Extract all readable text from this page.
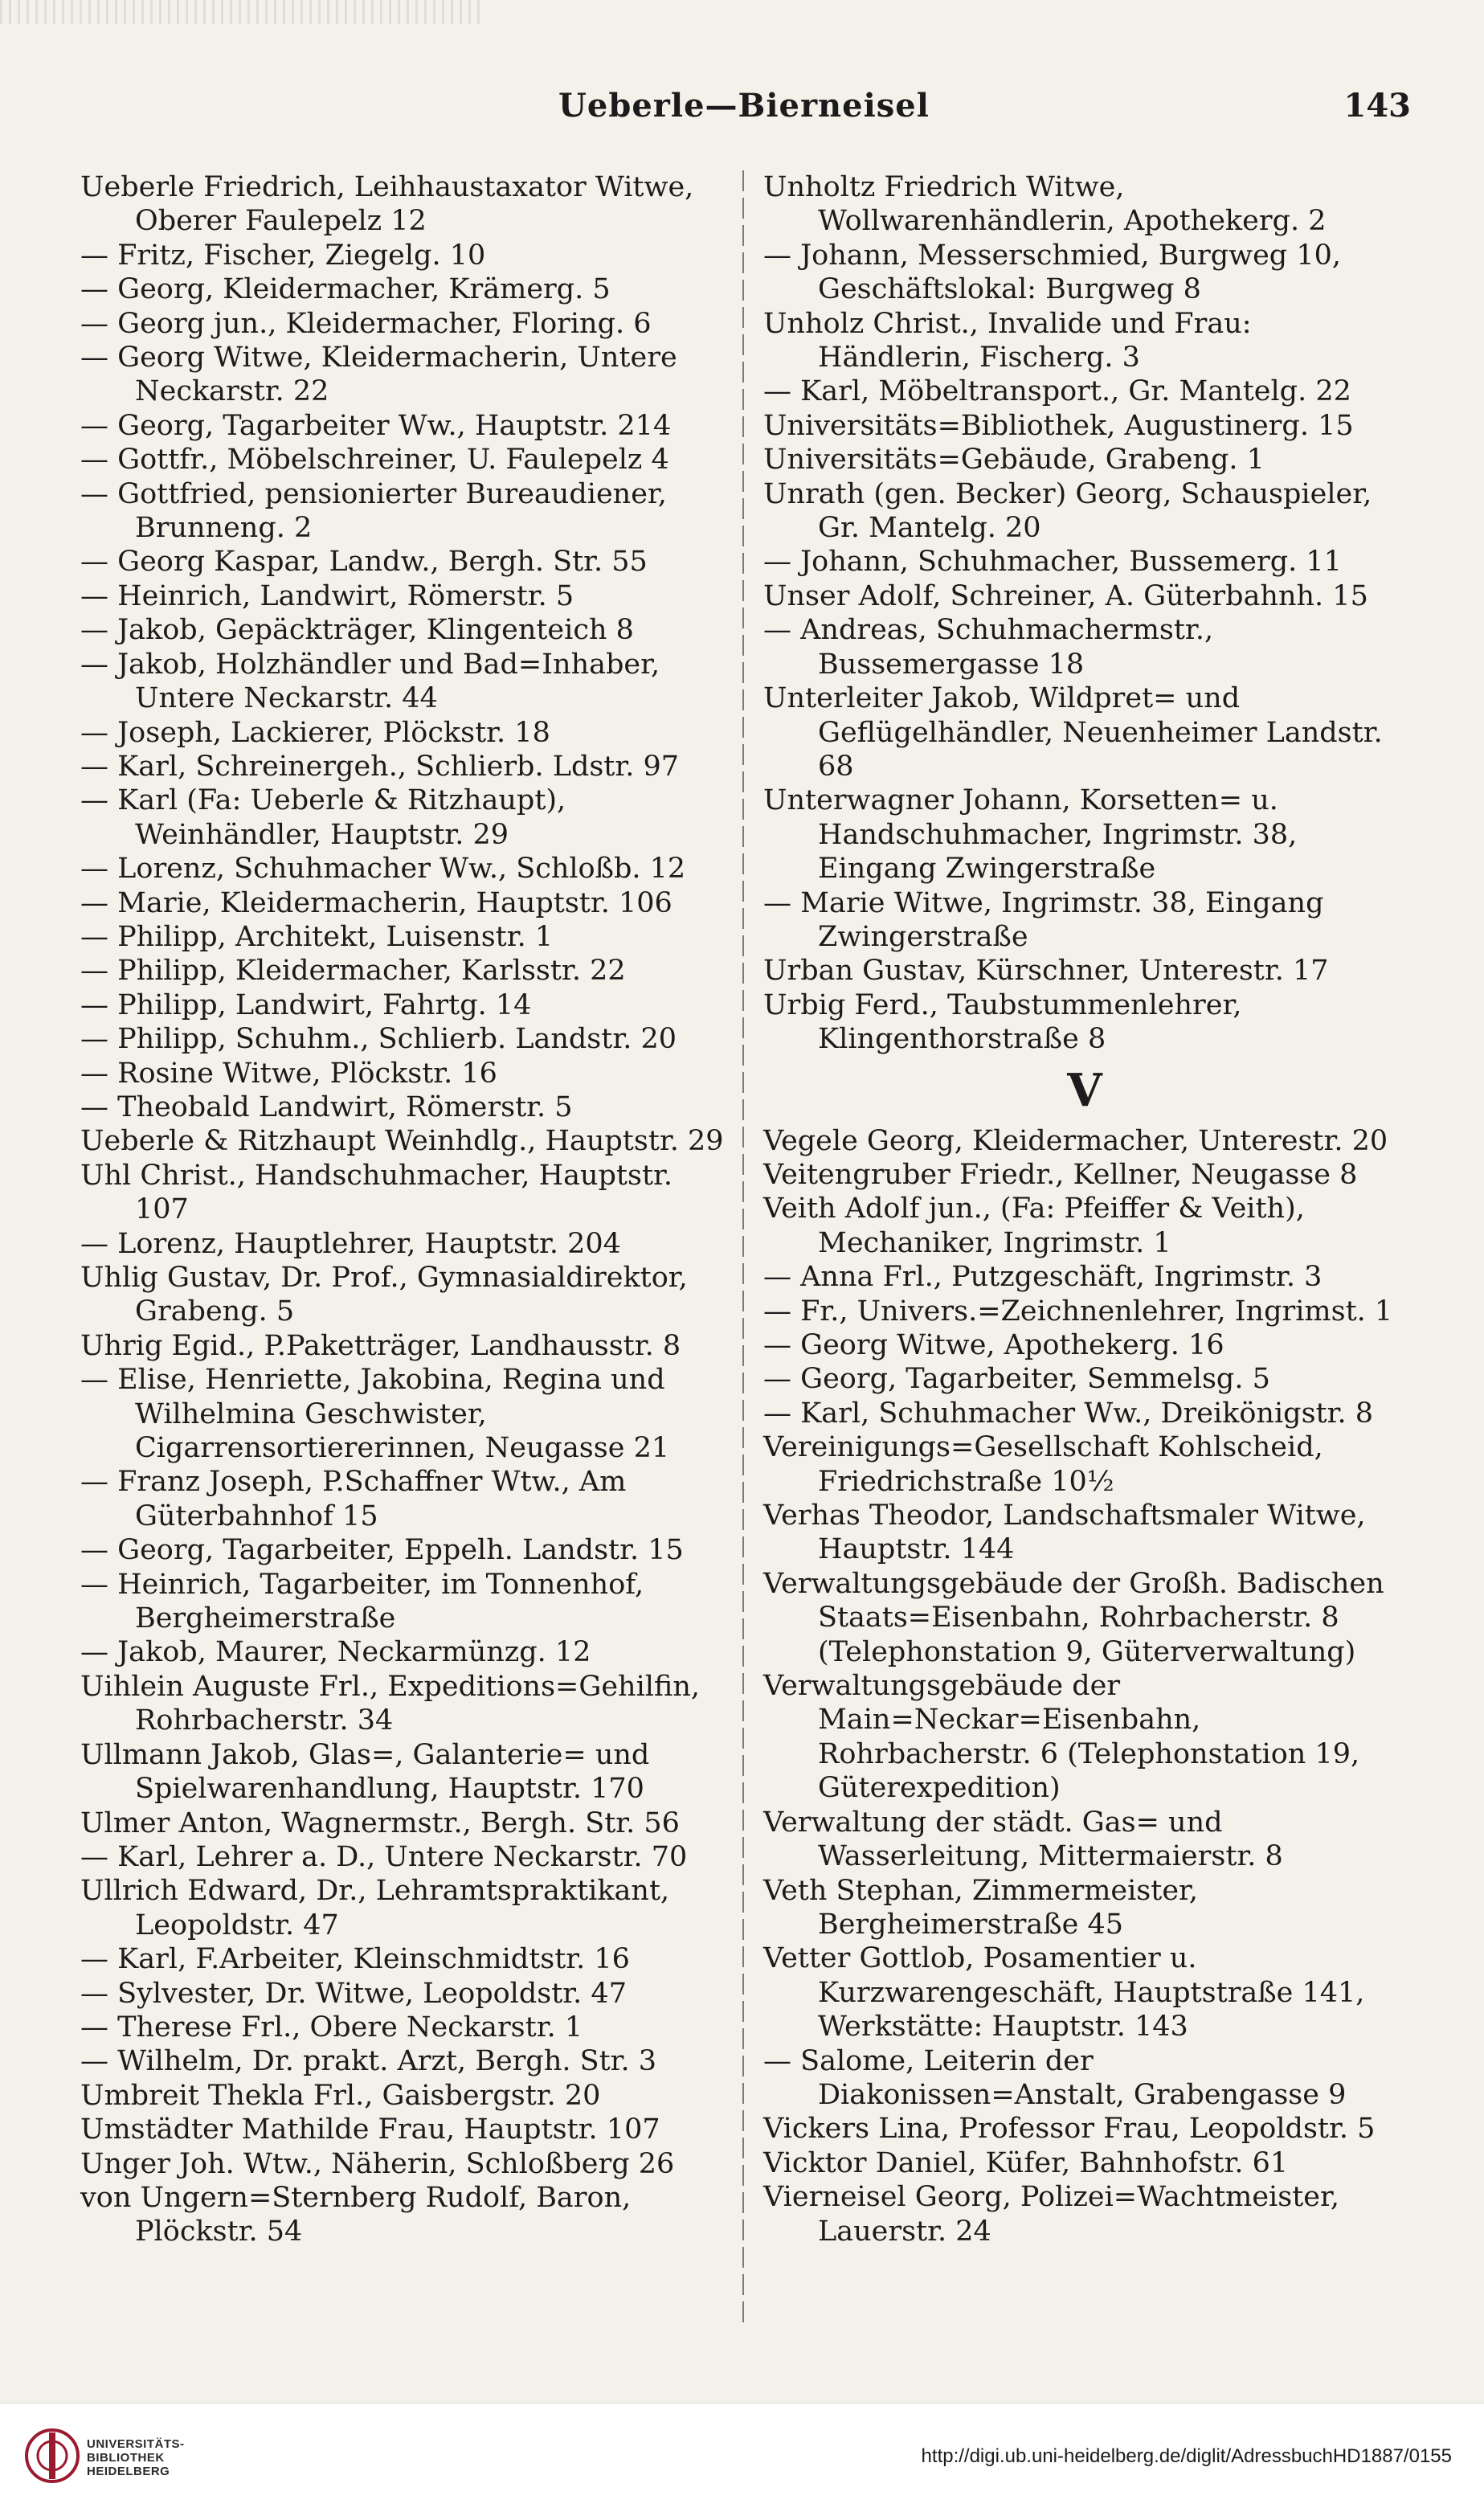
Ueberle—Bierneisel	143
Ueberle Friedrich, Leihhaustaxator Witwe, Oberer Faulepelz 12
— Fritz, Fischer, Ziegelg. 10
— Georg, Kleidermacher, Krämerg. 5
— Georg jun., Kleidermacher, Floring. 6
— Georg Witwe, Kleidermacherin, Untere Neckarstr. 22
— Georg, Tagarbeiter Ww., Hauptstr. 214
— Gottfr., Möbelschreiner, U. Faulepelz 4
— Gottfried, pensionierter Bureaudiener, Brunneng. 2
— Georg Kaspar, Landw., Bergh. Str. 55
— Heinrich, Landwirt, Römerstr. 5
— Jakob, Gepäckträger, Klingenteich 8
— Jakob, Holzhändler und Bad=Inhaber, Untere Neckarstr. 44
— Joseph, Lackierer, Plöckstr. 18
— Karl, Schreinergeh., Schlierb. Ldstr. 97
— Karl (Fa: Ueberle & Ritzhaupt), Weinhändler, Hauptstr. 29
— Lorenz, Schuhmacher Ww., Schloßb. 12
— Marie, Kleidermacherin, Hauptstr. 106
— Philipp, Architekt, Luisenstr. 1
— Philipp, Kleidermacher, Karlsstr. 22
— Philipp, Landwirt, Fahrtg. 14
— Philipp, Schuhm., Schlierb. Landstr. 20
— Rosine Witwe, Plöckstr. 16
— Theobald Landwirt, Römerstr. 5
Ueberle & Ritzhaupt Weinhdlg., Hauptstr. 29
Uhl Christ., Handschuhmacher, Hauptstr. 107
— Lorenz, Hauptlehrer, Hauptstr. 204
Uhlig Gustav, Dr. Prof., Gymnasialdirektor, Grabeng. 5
Uhrig Egid., P.Paketträger, Landhausstr. 8
— Elise, Henriette, Jakobina, Regina und Wilhelmina Geschwister, Cigarrensortiererinnen, Neugasse 21
— Franz Joseph, P.Schaffner Wtw., Am Güterbahnhof 15
— Georg, Tagarbeiter, Eppelh. Landstr. 15
— Heinrich, Tagarbeiter, im Tonnenhof, Bergheimerstraße
— Jakob, Maurer, Neckarmünzg. 12
Uihlein Auguste Frl., Expeditions=Gehilfin, Rohrbacherstr. 34
Ullmann Jakob, Glas=, Galanterie= und Spielwarenhandlung, Hauptstr. 170
Ulmer Anton, Wagnermstr., Bergh. Str. 56
— Karl, Lehrer a. D., Untere Neckarstr. 70
Ullrich Edward, Dr., Lehramtspraktikant, Leopoldstr. 47
— Karl, F.Arbeiter, Kleinschmidtstr. 16
— Sylvester, Dr. Witwe, Leopoldstr. 47
— Therese Frl., Obere Neckarstr. 1
— Wilhelm, Dr. prakt. Arzt, Bergh. Str. 3
Umbreit Thekla Frl., Gaisbergstr. 20
Umstädter Mathilde Frau, Hauptstr. 107
Unger Joh. Wtw., Näherin, Schloßberg 26
von Ungern=Sternberg Rudolf, Baron, Plöckstr. 54
Unholtz Friedrich Witwe, Wollwarenhändlerin, Apothekerg. 2
— Johann, Messerschmied, Burgweg 10, Geschäftslokal: Burgweg 8
Unholz Christ., Invalide und Frau: Händlerin, Fischerg. 3
— Karl, Möbeltransport., Gr. Mantelg. 22
Universitäts=Bibliothek, Augustinerg. 15
Universitäts=Gebäude, Grabeng. 1
Unrath (gen. Becker) Georg, Schauspieler, Gr. Mantelg. 20
— Johann, Schuhmacher, Bussemerg. 11
Unser Adolf, Schreiner, A. Güterbahnh. 15
— Andreas, Schuhmachermstr., Bussemergasse 18
Unterleiter Jakob, Wildpret= und Geflügelhändler, Neuenheimer Landstr. 68
Unterwagner Johann, Korsetten= u. Handschuhmacher, Ingrimstr. 38, Eingang Zwingerstraße
— Marie Witwe, Ingrimstr. 38, Eingang Zwingerstraße
Urban Gustav, Kürschner, Unterestr. 17
Urbig Ferd., Taubstummenlehrer, Klingenthorstraße 8
V
Vegele Georg, Kleidermacher, Unterestr. 20
Veitengruber Friedr., Kellner, Neugasse 8
Veith Adolf jun., (Fa: Pfeiffer & Veith), Mechaniker, Ingrimstr. 1
— Anna Frl., Putzgeschäft, Ingrimstr. 3
— Fr., Univers.=Zeichnenlehrer, Ingrimst. 1
— Georg Witwe, Apothekerg. 16
— Georg, Tagarbeiter, Semmelsg. 5
— Karl, Schuhmacher Ww., Dreikönigstr. 8
Vereinigungs=Gesellschaft Kohlscheid, Friedrichstraße 10½
Verhas Theodor, Landschaftsmaler Witwe, Hauptstr. 144
Verwaltungsgebäude der Großh. Badischen Staats=Eisenbahn, Rohrbacherstr. 8 (Telephonstation 9, Güterverwaltung)
Verwaltungsgebäude der Main=Neckar=Eisenbahn, Rohrbacherstr. 6 (Telephonstation 19, Güterexpedition)
Verwaltung der städt. Gas= und Wasserleitung, Mittermaierstr. 8
Veth Stephan, Zimmermeister, Bergheimerstraße 45
Vetter Gottlob, Posamentier u. Kurzwarengeschäft, Hauptstraße 141, Werkstätte: Hauptstr. 143
— Salome, Leiterin der Diakonissen=Anstalt, Grabengasse 9
Vickers Lina, Professor Frau, Leopoldstr. 5
Vicktor Daniel, Küfer, Bahnhofstr. 61
Vierneisel Georg, Polizei=Wachtmeister, Lauerstr. 24
UNIVERSITÄTS-
BIBLIOTHEK
HEIDELBERG
http://digi.ub.uni-heidelberg.de/diglit/AdressbuchHD1887/0155
